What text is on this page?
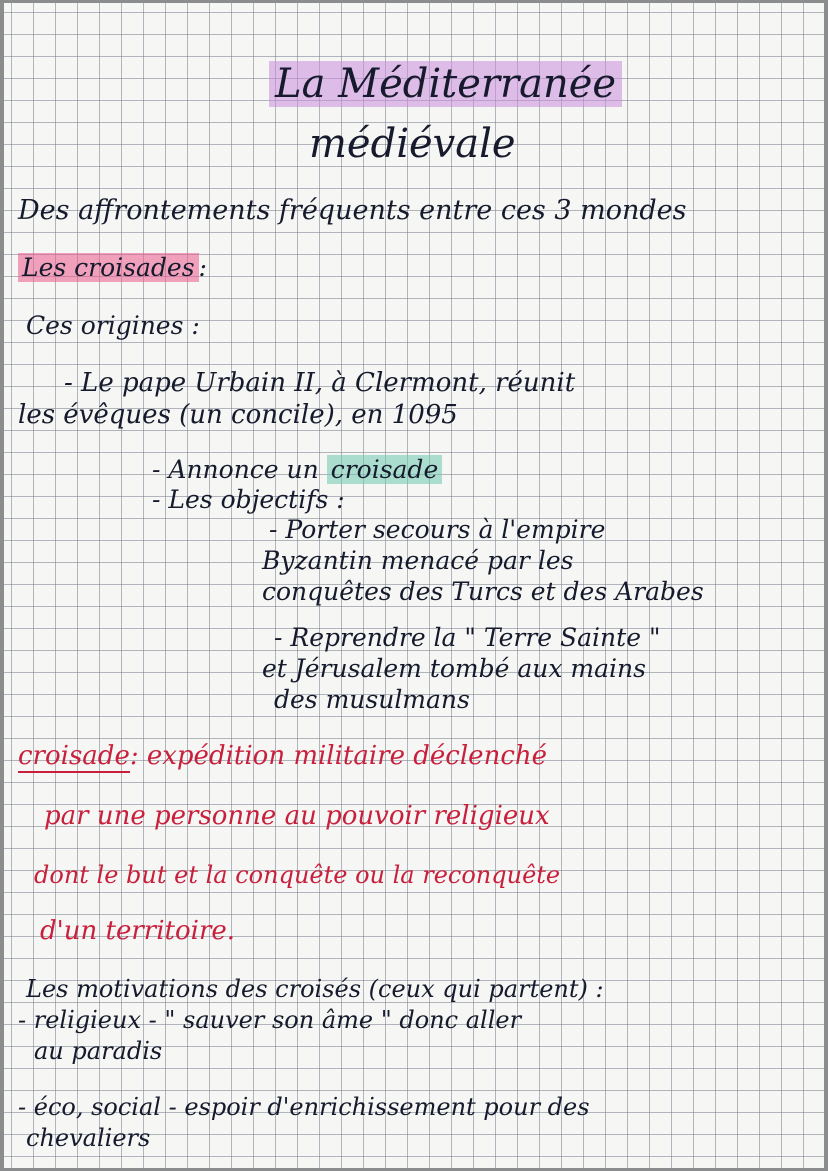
La Méditerranée
médiévale
Des affrontements fréquents entre ces 3 mondes
Les croisades :
Ces origines :
- Le pape Urbain II, à Clermont, réunit
les évêques (un concile), en 1095
- Annonce un croisade
- Les objectifs :
- Porter secours à l'empire
Byzantin menacé par les
conquêtes des Turcs et des Arabes
- Reprendre la " Terre Sainte "
et Jérusalem tombé aux mains
des musulmans
croisade: expédition militaire déclenché
par une personne au pouvoir religieux
dont le but et la conquête ou la reconquête
d'un territoire.
Les motivations des croisés (ceux qui partent) :
- religieux - " sauver son âme " donc aller
au paradis
- éco, social - espoir d'enrichissement pour des
chevaliers
